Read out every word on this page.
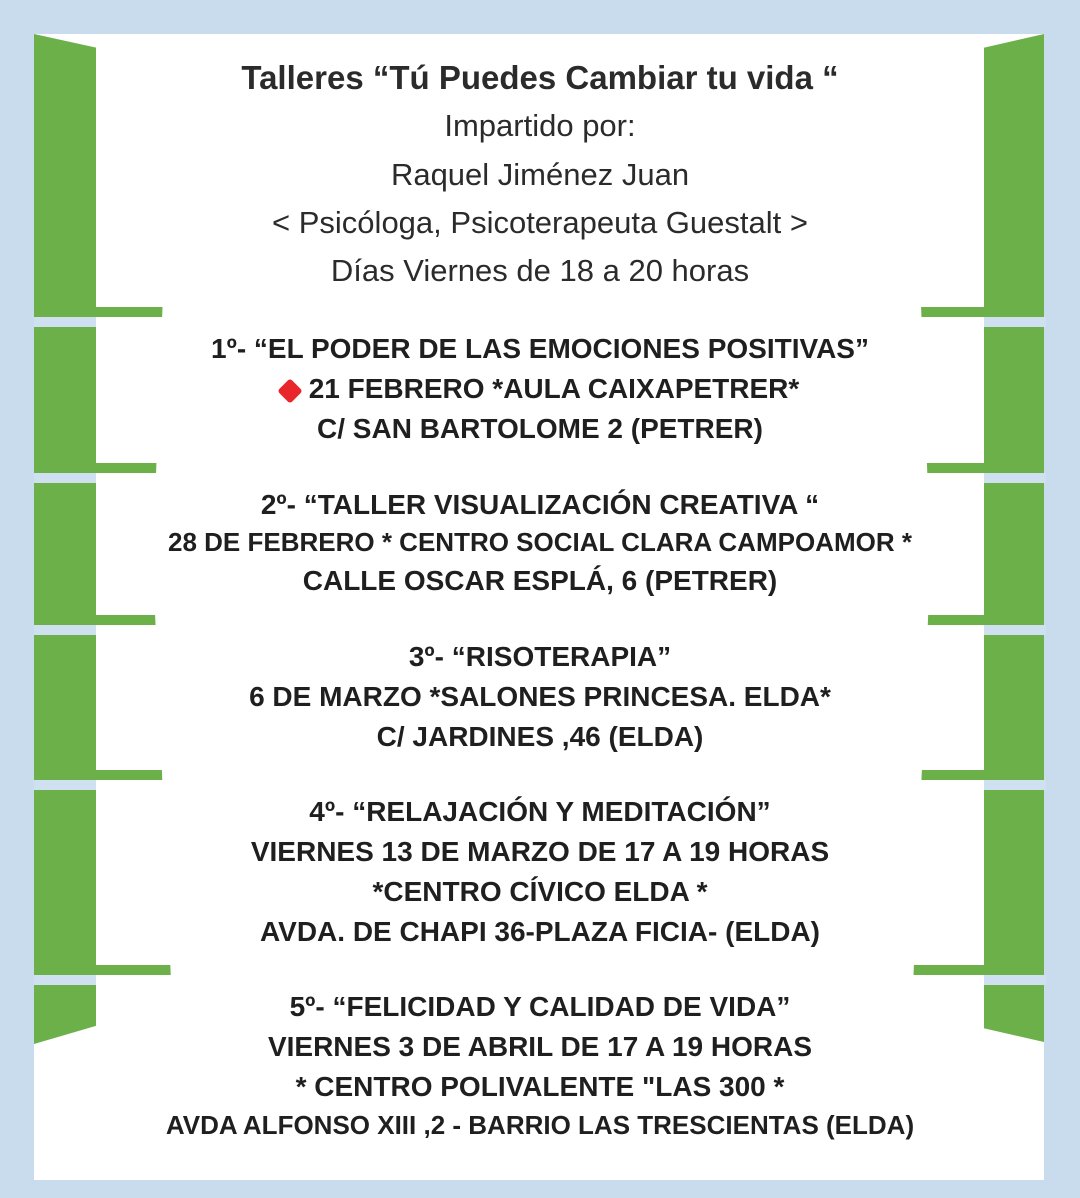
Talleres “Tú Puedes Cambiar tu vida “
Impartido por:
Raquel Jiménez Juan
< Psicóloga, Psicoterapeuta Guestalt >
Días Viernes de 18 a 20 horas
1º- “EL PODER DE LAS EMOCIONES POSITIVAS”
21 FEBRERO *AULA CAIXAPETRER*
C/ SAN BARTOLOME 2 (PETRER)
2º- “TALLER VISUALIZACIÓN CREATIVA “
28 DE FEBRERO * CENTRO SOCIAL CLARA CAMPOAMOR *
CALLE OSCAR ESPLÁ, 6 (PETRER)
3º- “RISOTERAPIA”
6 DE MARZO *SALONES PRINCESA. ELDA*
C/ JARDINES ,46 (ELDA)
4º- “RELAJACIÓN Y MEDITACIÓN”
VIERNES 13 DE MARZO DE 17 A 19 HORAS
*CENTRO CÍVICO ELDA *
AVDA. DE CHAPI 36-PLAZA FICIA- (ELDA)
5º- “FELICIDAD Y CALIDAD DE VIDA”
VIERNES 3 DE ABRIL DE 17 A 19 HORAS
* CENTRO POLIVALENTE "LAS 300 *
AVDA ALFONSO XIII ,2 - BARRIO LAS TRESCIENTAS (ELDA)
